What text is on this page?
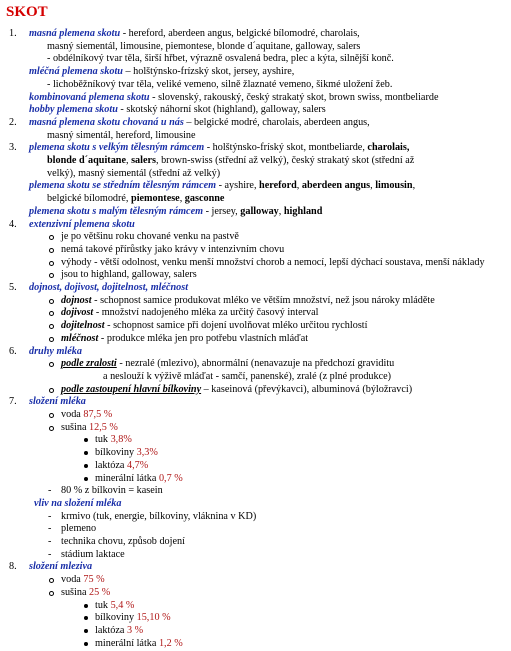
SKOT
1. masná plemena skotu - hereford, aberdeen angus, belgické bílomodré, charolais,
masný siementál, limousine, piemontese, blonde d´aquitane, galloway, salers
- obdélníkový tvar těla, širší hřbet, výrazně osvalená bedra, plec a kýta, silnější konč.
mléčná plemena skotu – holštýnsko-frízský skot, jersey, ayshire,
- lichoběžníkový tvar těla, veliké vemeno, silně žlaznaté vemeno, šikmé uložení žeb.
kombinovaná plemena skotu - slovenský, rakouský, český strakatý skot, brown swiss, montbeliarde
hobby plemena skotu - skotský náhorní skot (highland), galloway, salers
2. masná plemena skotu chovaná u nás – belgické modré, charolais, aberdeen angus,
masný simentál, hereford, limousine
3. plemena skotu s velkým tělesným rámcem - holštýnsko-fríský skot, montbeliarde, charolais,
blonde d´aquitane, salers, brown-swiss (střední až velký), český strakatý skot (střední až
velký), masný siementál (střední až velký)
plemena skotu se středním tělesným rámcem - ayshire, hereford, aberdeen angus, limousin,
belgické bílomodré, piemontese, gasconne
plemena skotu s malým tělesným rámcem - jersey, galloway, highland
4. extenzivní plemena skotu
je po většinu roku chované venku na pastvě
nemá takové přírůstky jako krávy v intenzivním chovu
výhody - větší odolnost, venku menší množství chorob a nemocí, lepší dýchací soustava, menší náklady
jsou to highland, galloway, salers
5. dojnost, dojivost, dojitelnost, mléčnost
dojnost - schopnost samice produkovat mléko ve větším množství, než jsou nároky mláděte
dojivost - množství nadojeného mléka za určitý časový interval
dojitelnost - schopnost samice při dojení uvolňovat mléko určitou rychlostí
mléčnost - produkce mléka jen pro potřebu vlastních mláďat
6. druhy mléka
podle zralosti - nezralé (mlezivo), abnormální (nenavazuje na předchozí graviditu
a neslouží k výživě mláďat - samčí, panenské), zralé (z plné produkce)
podle zastoupení hlavní bílkoviny – kaseinová (převýkavci), albuminová (býložravci)
7. složení mléka
voda 87,5 %
sušina 12,5 %
tuk 3,8%
bílkoviny 3,3%
laktóza 4,7%
minerální látka 0,7 %
- 80 % z bílkovin = kasein
vliv na složení mléka
- krmivo (tuk, energie, bílkoviny, vláknina v KD)
- plemeno
- technika chovu, způsob dojení
- stádium laktace
8. složení mleziva
voda 75 %
sušina 25 %
tuk 5,4 %
bílkoviny 15,10 %
laktóza 3 %
minerální látka 1,2 %
